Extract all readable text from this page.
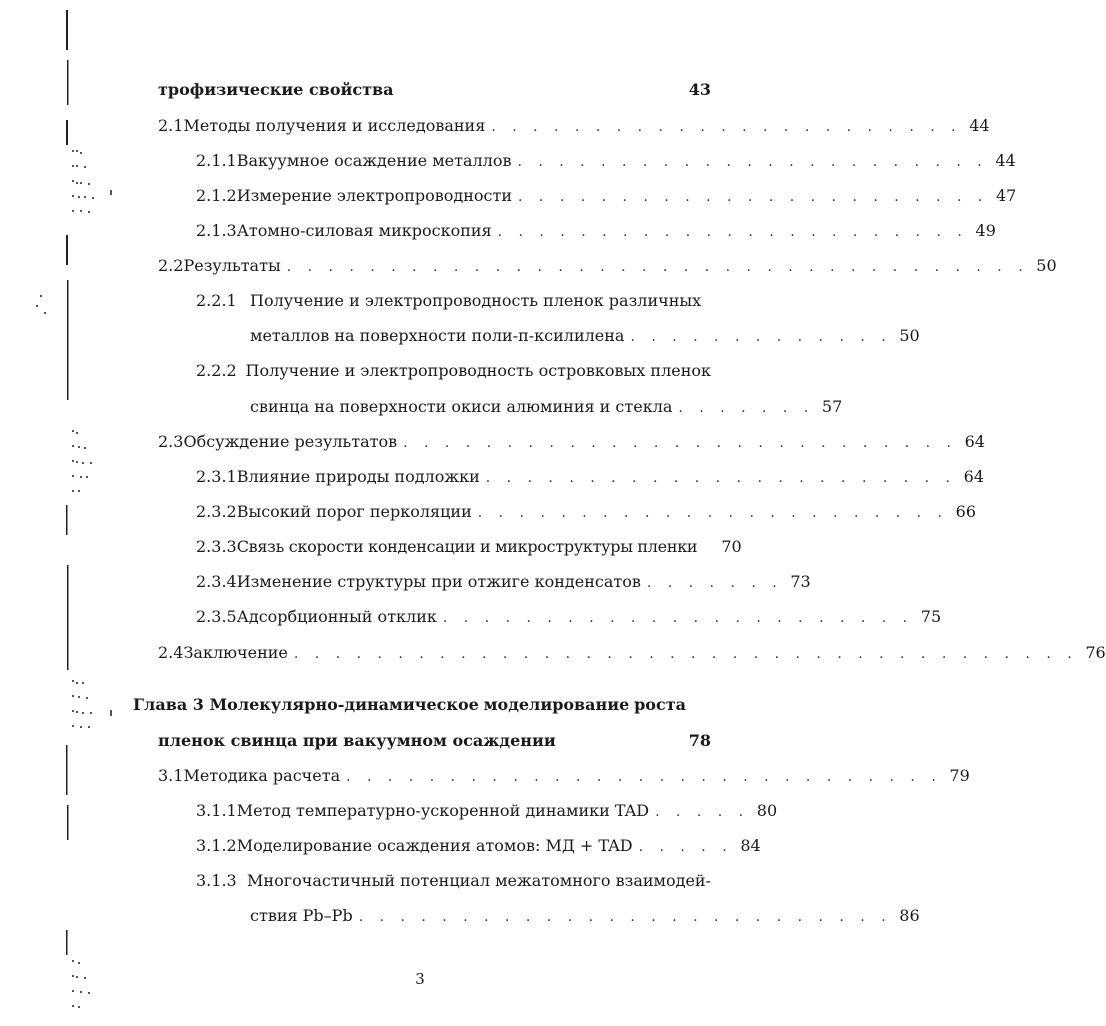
трофизические свойства	43
2.1 Методы получения и исследования . . . . . . . . . . . . . . . . . . . . . . . 44
2.1.1 Вакуумное осаждение металлов . . . . . . . . . . . . . . . . . . . . . . . 44
2.1.2 Измерение электропроводности . . . . . . . . . . . . . . . . . . . . . . . 47
2.1.3 Атомно-силовая микроскопия . . . . . . . . . . . . . . . . . . . . . . . 49
2.2 Результаты . . . . . . . . . . . . . . . . . . . . . . . . . . . . . . . . . . . . 50
2.2.1 Получение и электропроводность пленок различных
металлов на поверхности поли-п-ксилилена . . . . . . . . . . . . . 50
2.2.2 Получение и электропроводность островковых пленок
свинца на поверхности окиси алюминия и стекла . . . . . . . 57
2.3 Обсуждение результатов . . . . . . . . . . . . . . . . . . . . . . . . . . . 64
2.3.1 Влияние природы подложки . . . . . . . . . . . . . . . . . . . . . . . 64
2.3.2 Высокий порог перколяции . . . . . . . . . . . . . . . . . . . . . . . 66
2.3.3 Связь скорости конденсации и микроструктуры пленки 70
2.3.4 Изменение структуры при отжиге конденсатов . . . . . . . 73
2.3.5 Адсорбционный отклик . . . . . . . . . . . . . . . . . . . . . . . 75
2.4 Заключение . . . . . . . . . . . . . . . . . . . . . . . . . . . . . . . . . . . . . . 76
Глава 3 Молекулярно-динамическое моделирование роста
пленок свинца при вакуумном осаждении	78
3.1 Методика расчета . . . . . . . . . . . . . . . . . . . . . . . . . . . . . 79
3.1.1 Метод температурно-ускоренной динамики TAD . . . . . 80
3.1.2 Моделирование осаждения атомов: МД + TAD . . . . . 84
3.1.3 Многочастичный потенциал межатомного взаимодей-
ствия Pb–Pb . . . . . . . . . . . . . . . . . . . . . . . . . . 86
3
